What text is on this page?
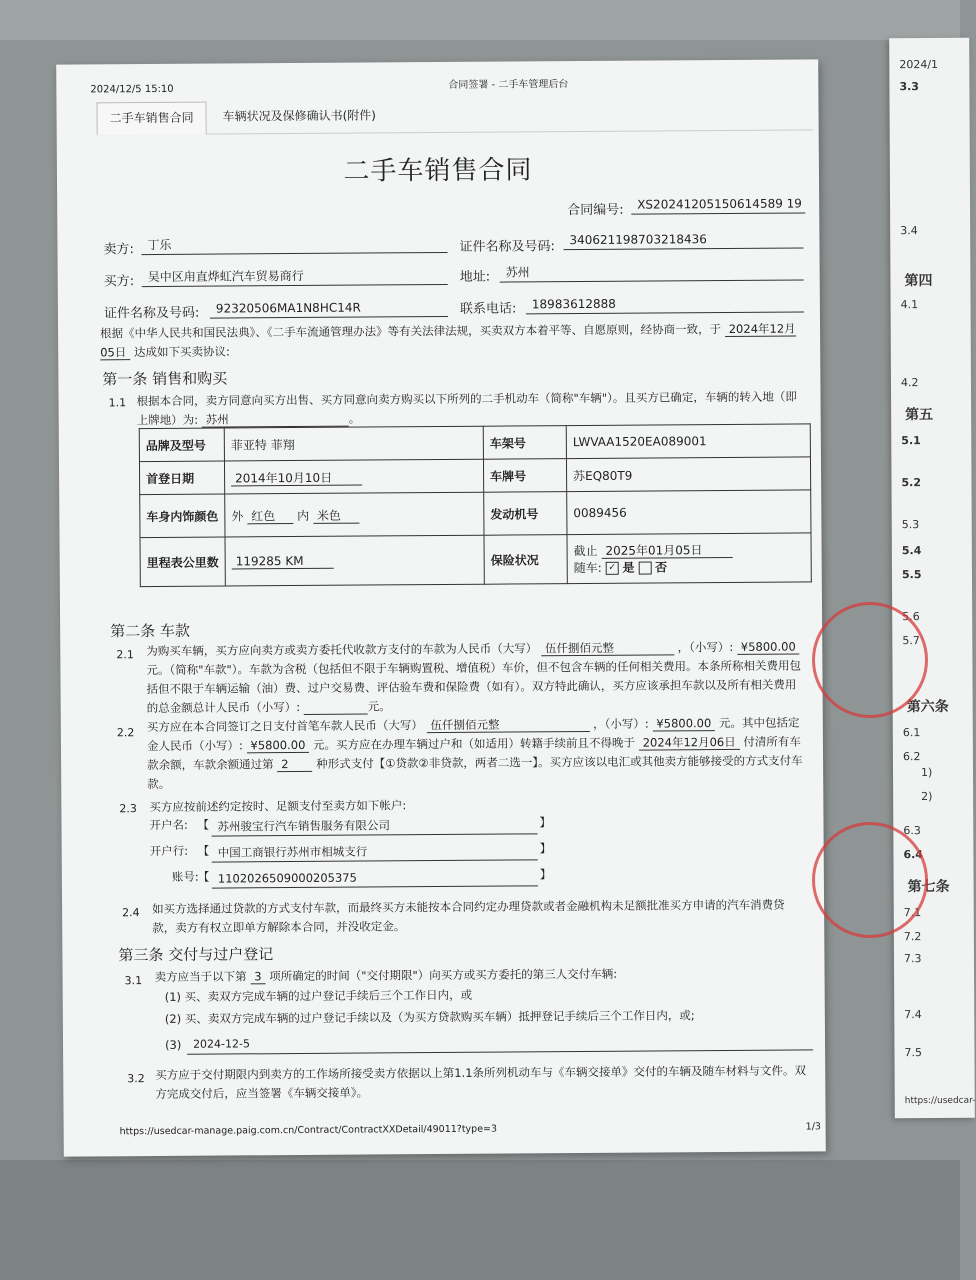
2024/1
3.3
3.4
第四
4.1
4.2
第五
5.1
5.2
5.3
5.4
5.5
5.6
5.7
第六条
6.1
6.2
1)
2)
6.3
6.4
第七条
7.1
7.2
7.3
7.4
7.5
https://usedcar-
2024/12/5 15:10	合同签署 - 二手车管理后台
二手车销售合同	车辆状况及保修确认书(附件)
二手车销售合同
合同编号:	XS20241205150614589 19
卖方:	丁乐	证件名称及号码:	340621198703218436
买方:	吴中区甪直烨虹汽车贸易商行	地址:	苏州
证件名称及号码:	92320506MA1N8HC14R	联系电话:	18983612888
根据《中华人民共和国民法典》、《二手车流通管理办法》等有关法律法规，买卖双方本着平等、自愿原则，经协商一致，于 2024年12月05日 达成如下买卖协议:
第一条 销售和购买
1.1 根据本合同，卖方同意向买方出售、买方同意向卖方购买以下所列的二手机动车（简称"车辆"）。且买方已确定，车辆的转入地（即上牌地）为: 苏州	。
品牌及型号	菲亚特 菲翔	车架号	LWVAA1520EA089001
首登日期	2014年10月10日	车牌号	苏EQ80T9
车身内饰颜色	外 红色 内 米色	发动机号	0089456
里程表公里数	119285 KM	保险状况	截止 2025年01月05日
随车: ✓ 是 否
第二条 车款
2.1 为购买车辆，买方应向卖方或卖方委托代收款方支付的车款为人民币（大写） 伍仟捌佰元整	，（小写）: ¥5800.00 元。（简称"车款"）。车款为含税（包括但不限于车辆购置税、增值税）车价，但不包含车辆的任何相关费用。本条所称相关费用包括但不限于车辆运输（油）费、过户交易费、评估验车费和保险费（如有）。双方特此确认，买方应该承担车款以及所有相关费用的总金额总计人民币（小写）:	元。
2.2 买方应在本合同签订之日支付首笔车款人民币（大写） 伍仟捌佰元整	，（小写）: ¥5800.00 元。其中包括定金人民币（小写）: ¥5800.00 元。买方应在办理车辆过户和（如适用）转籍手续前且不得晚于 2024年12月06日 付清所有车款余额，车款余额通过第 2 种形式支付【①贷款②非贷款，两者二选一】。买方应该以电汇或其他卖方能够接受的方式支付车款。
2.3 买方应按前述约定按时、足额支付至卖方如下帐户:
开户名: 【 苏州骏宝行汽车销售服务有限公司	】
开户行: 【 中国工商银行苏州市相城支行	】
账号: 【 1102026509000205375	】
2.4 如买方选择通过贷款的方式支付车款，而最终买方未能按本合同约定办理贷款或者金融机构未足额批准买方申请的汽车消费贷款，卖方有权立即单方解除本合同，并没收定金。
第三条 交付与过户登记
3.1 卖方应当于以下第 3 项所确定的时间（"交付期限"）向买方或买方委托的第三人交付车辆:
(1) 买、卖双方完成车辆的过户登记手续后三个工作日内，或
(2) 买、卖双方完成车辆的过户登记手续以及（为买方贷款购买车辆）抵押登记手续后三个工作日内，或;
(3)	2024-12-5
3.2 买方应于交付期限内到卖方的工作场所接受卖方依据以上第1.1条所列机动车与《车辆交接单》交付的车辆及随车材料与文件。双方完成交付后，应当签署《车辆交接单》。
https://usedcar-manage.paig.com.cn/Contract/ContractXXDetail/49011?type=3	1/3
